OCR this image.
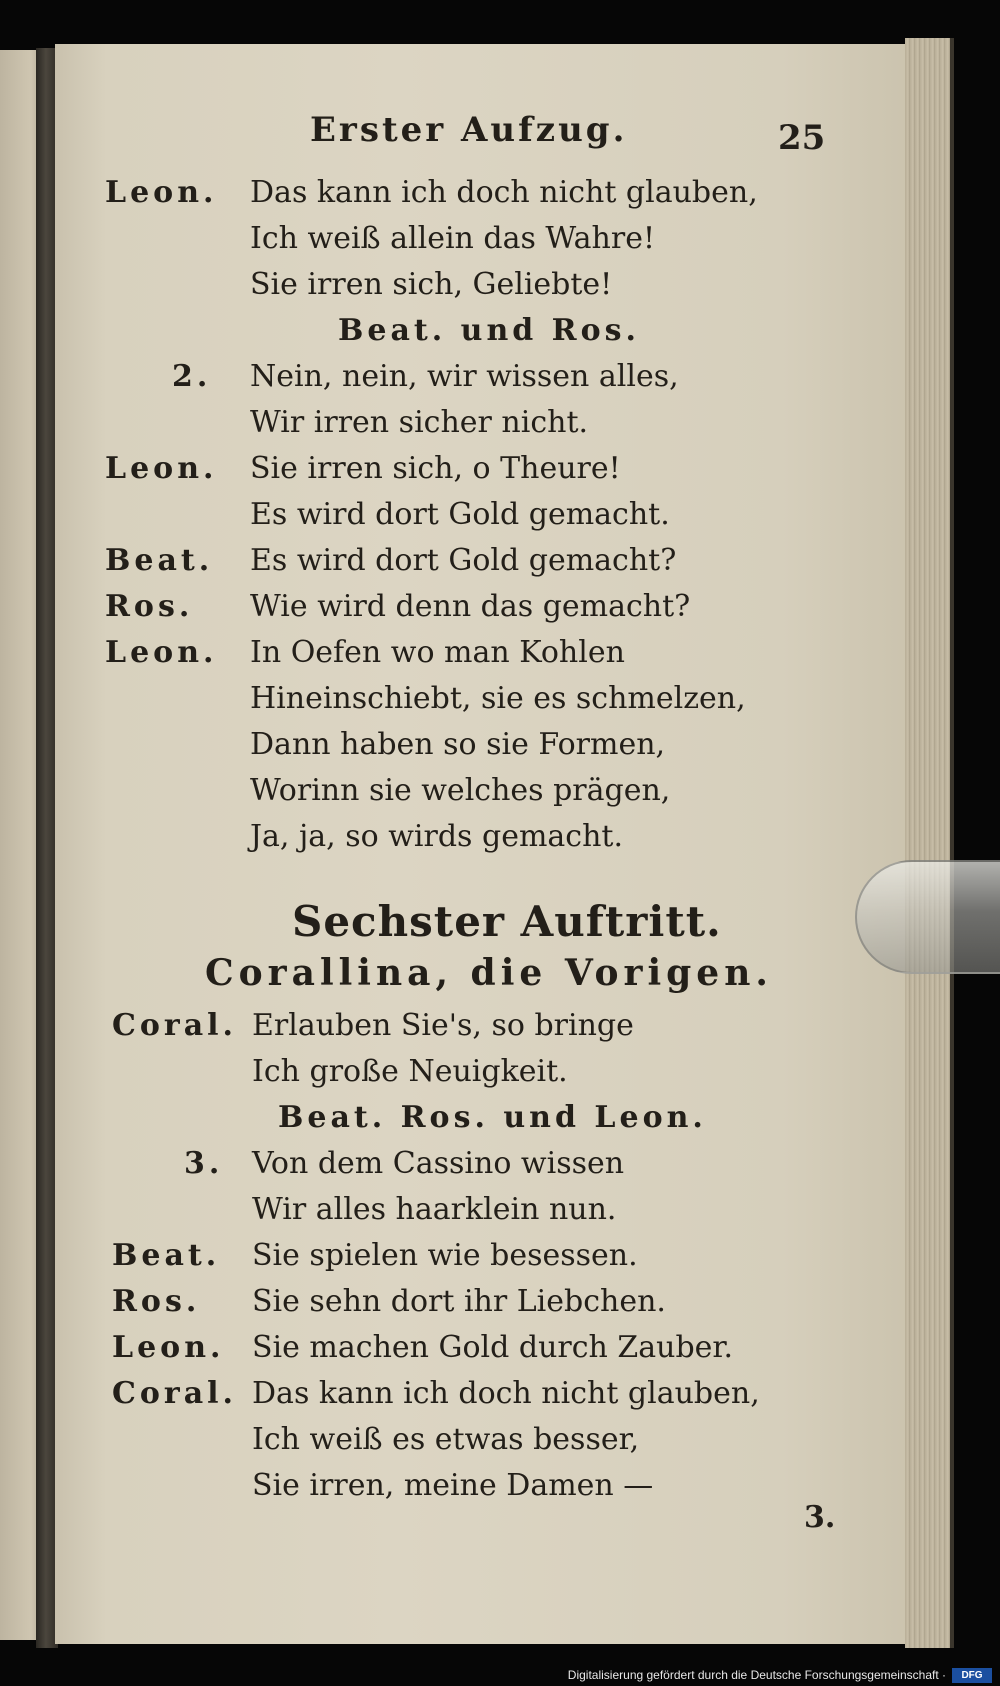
Erster Aufzug.	25
Leon. Das kann ich doch nicht glauben,
Ich weiß allein das Wahre!
Sie irren sich, Geliebte!
Beat. und Ros.
2. Nein, nein, wir wissen alles,
Wir irren sicher nicht.
Leon. Sie irren sich, o Theure!
Es wird dort Gold gemacht.
Beat. Es wird dort Gold gemacht?
Ros. Wie wird denn das gemacht?
Leon. In Oefen wo man Kohlen
Hineinschiebt, sie es schmelzen,
Dann haben so sie Formen,
Worinn sie welches prägen,
Ja, ja, so wirds gemacht.
Sechster Auftritt.
Corallina, die Vorigen.
Coral. Erlauben Sie's, so bringe
Ich große Neuigkeit.
Beat. Ros. und Leon.
3. Von dem Cassino wissen
Wir alles haarklein nun.
Beat. Sie spielen wie besessen.
Ros. Sie sehn dort ihr Liebchen.
Leon. Sie machen Gold durch Zauber.
Coral. Das kann ich doch nicht glauben,
Ich weiß es etwas besser,
Sie irren, meine Damen —
3.
Digitalisierung gefördert durch die Deutsche Forschungsgemeinschaft ·	DFG
